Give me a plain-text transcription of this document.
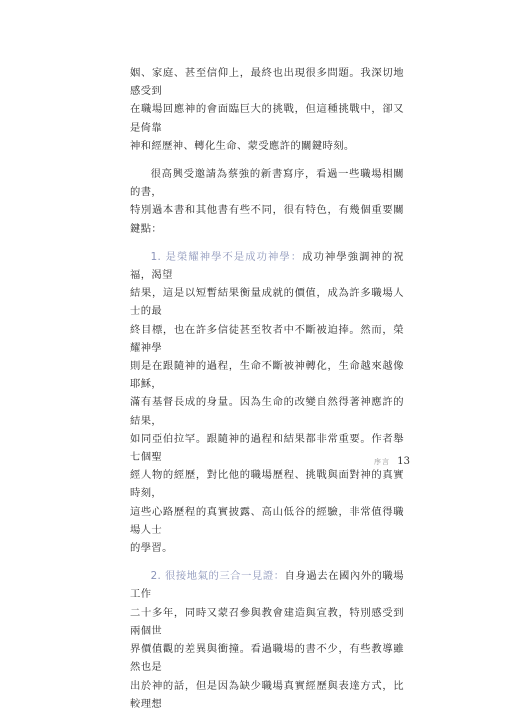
姻、家庭、甚至信仰上，最終也出現很多問題。我深切地感受到
在職場回應神的會面臨巨大的挑戰，但這種挑戰中，卻又是倚靠
神和經歷神、轉化生命、蒙受應許的關鍵時刻。

很高興受邀請為蔡強的新書寫序，看過一些職場相關的書，
特別過本書和其他書有些不同，很有特色，有幾個重要關鍵點：

1. 是榮耀神學不是成功神學：成功神學強調神的祝福，渴望
結果，這是以短暫結果衡量成就的價值，成為許多職場人士的最
終目標，也在許多信徒甚至牧者中不斷被迫捧。然而，榮耀神學
則是在跟隨神的過程，生命不斷被神轉化，生命越來越像耶穌，
滿有基督長成的身量。因為生命的改變自然得著神應許的結果，
如同亞伯拉罕。跟隨神的過程和結果都非常重要。作者舉七個聖
經人物的經歷，對比他的職場歷程、挑戰與面對神的真實時刻，
這些心路歷程的真實披露、高山低谷的經驗，非常值得職場人士
的學習。

2. 很接地氣的三合一見證：自身過去在國內外的職場工作
二十多年，同時又蒙召參與教會建造與宣教，特別感受到兩個世
界價值觀的差異與衝撞。看過職場的書不少，有些教導雖然也是
出於神的話，但是因為缺少職場真實經歷與表達方式，比較理想

序言 13
